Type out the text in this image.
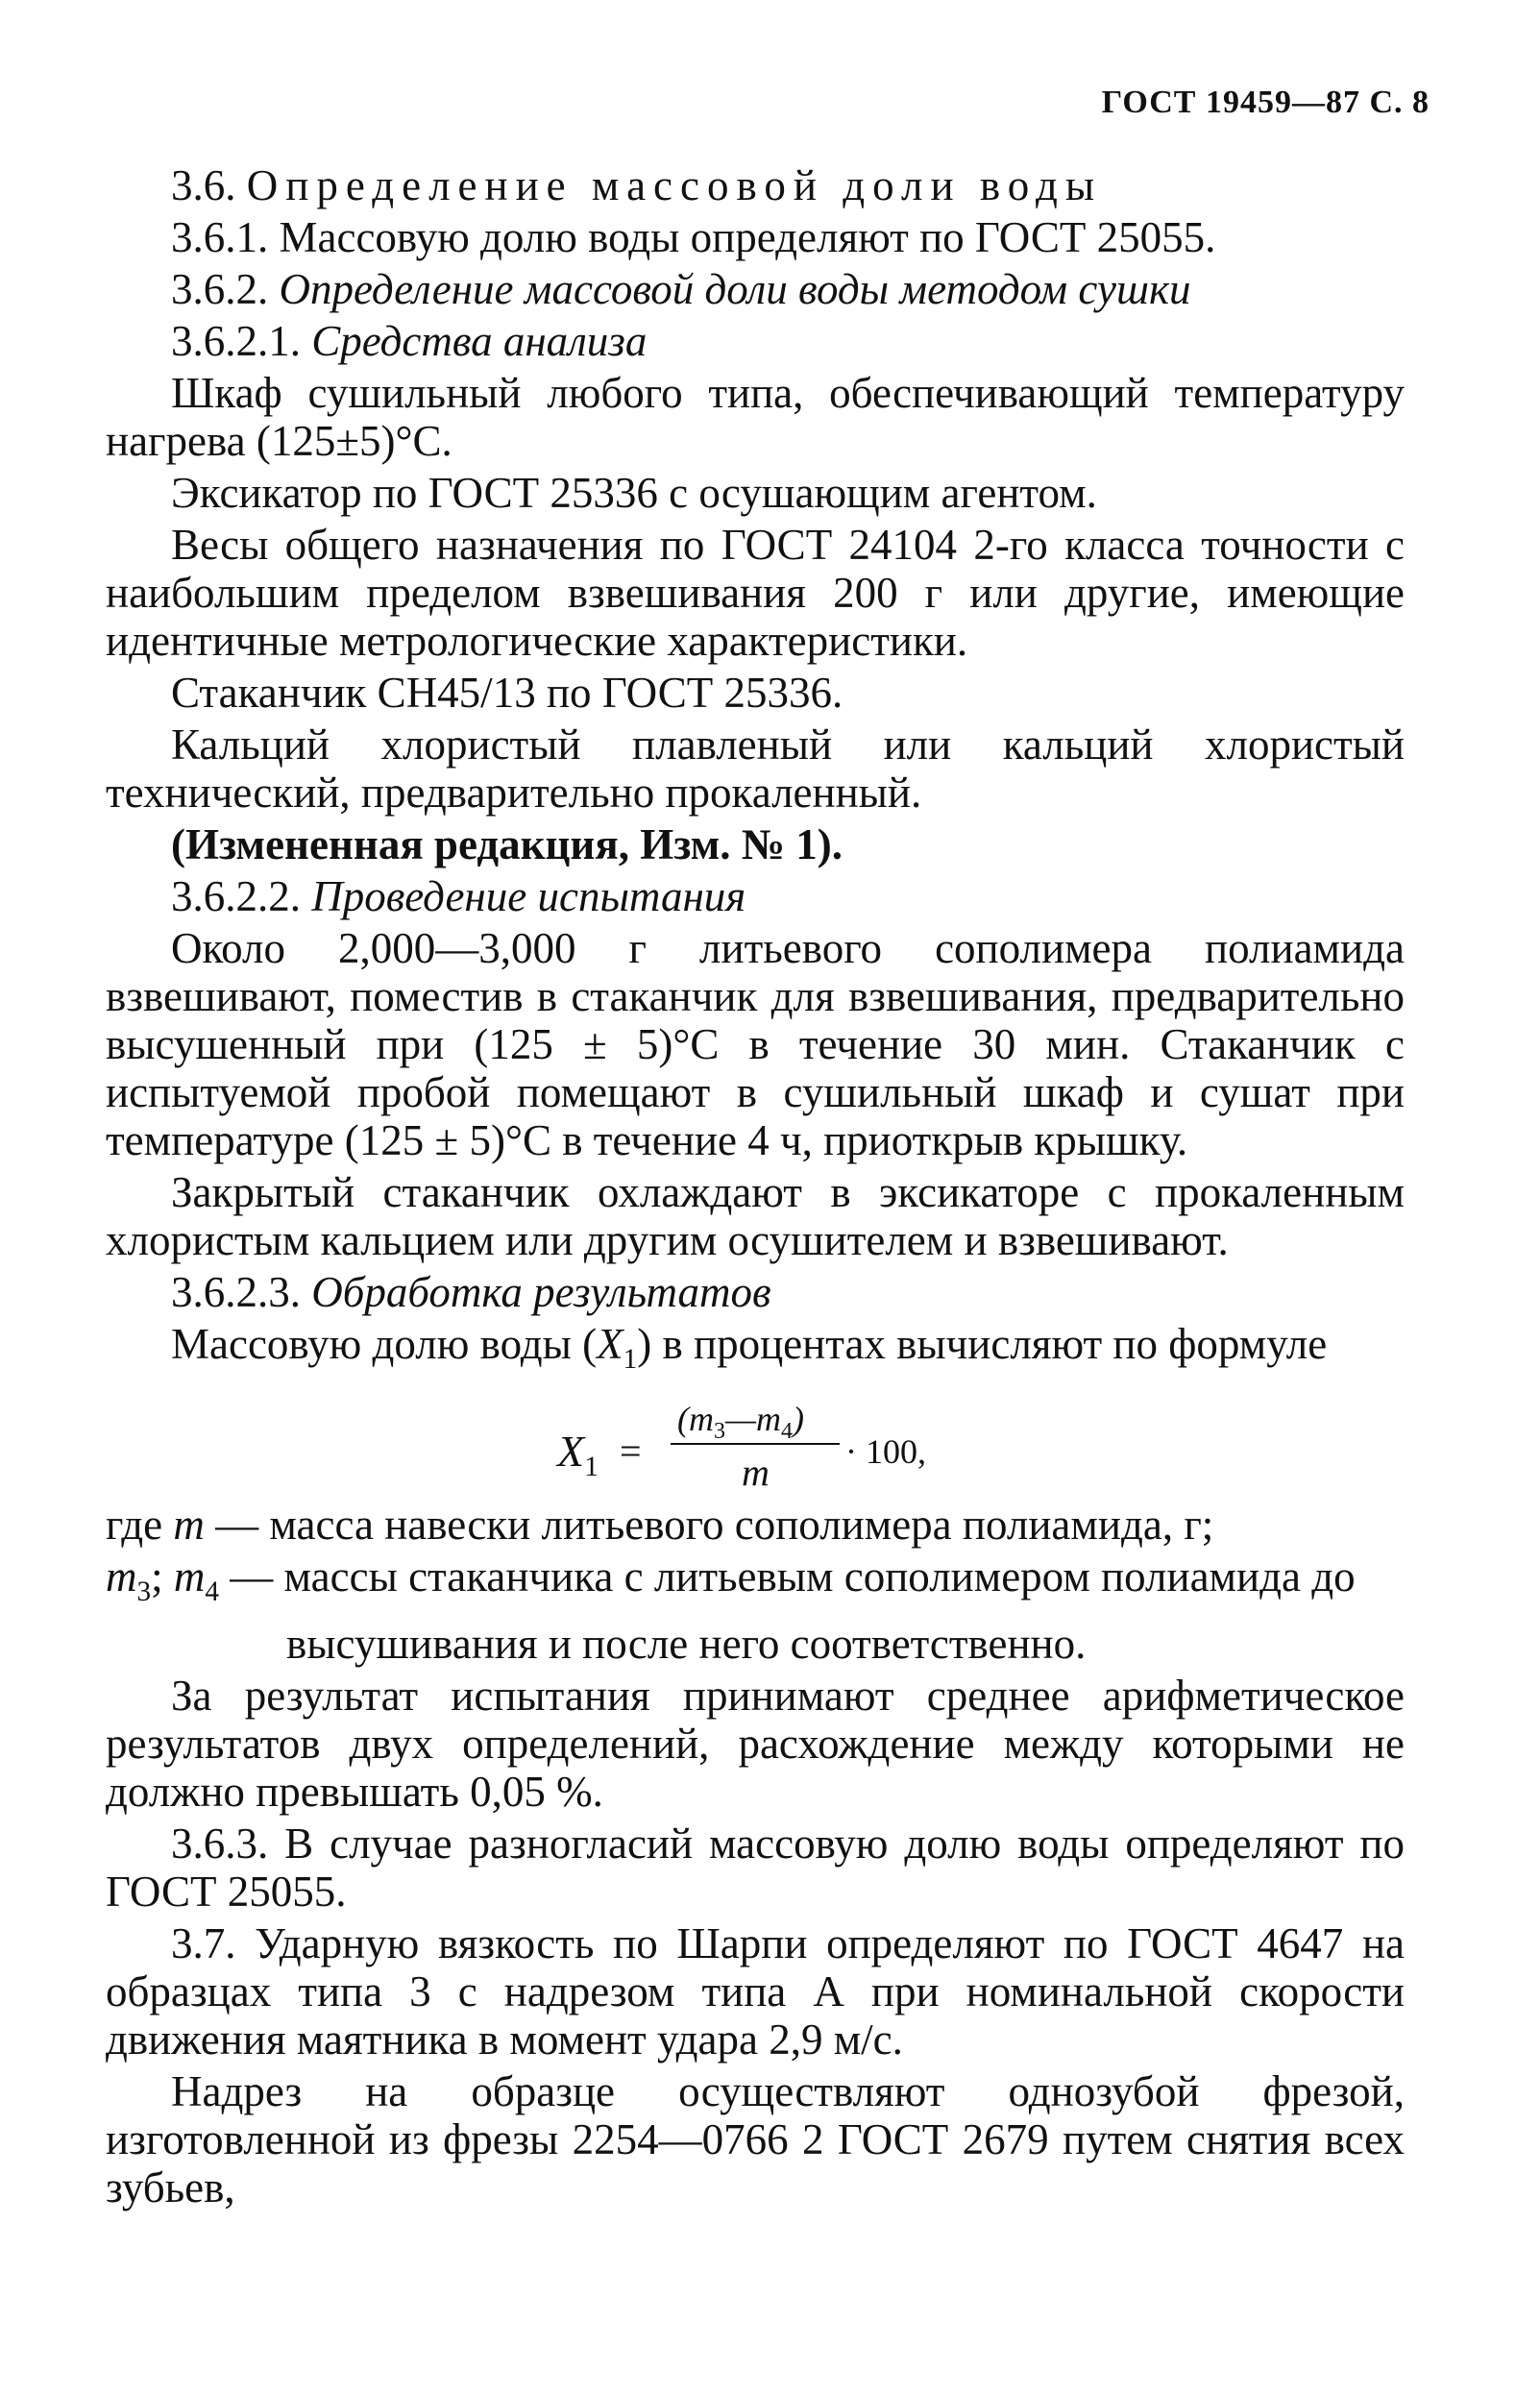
ГОСТ 19459—87 С. 8

3.6. Определение массовой доли воды

3.6.1. Массовую долю воды определяют по ГОСТ 25055.

3.6.2. Определение массовой доли воды методом сушки

3.6.2.1. Средства анализа

Шкаф сушильный любого типа, обеспечивающий температуру нагрева (125±5)°С.

Эксикатор по ГОСТ 25336 с осушающим агентом.

Весы общего назначения по ГОСТ 24104 2-го класса точности с наибольшим пределом взвешивания 200 г или другие, имеющие идентичные метрологические характеристики.

Стаканчик СН45/13 по ГОСТ 25336.

Кальций хлористый плавленый или кальций хлористый технический, предварительно прокаленный.

(Измененная редакция, Изм. № 1).

3.6.2.2. Проведение испытания

Около 2,000—3,000 г литьевого сополимера полиамида взвешивают, поместив в стаканчик для взвешивания, предварительно высушенный при (125 ± 5)°С в течение 30 мин. Стаканчик с испытуемой пробой помещают в сушильный шкаф и сушат при температуре (125 ± 5)°С в течение 4 ч, приоткрыв крышку.

Закрытый стаканчик охлаждают в эксикаторе с прокаленным хлористым кальцием или другим осушителем и взвешивают.

3.6.2.3. Обработка результатов

Массовую долю воды $(X_1)$ в процентах вычисляют по формуле

$X_1$ =
$(m_3—m_4)$
m · 100,

где m — масса навески литьевого сополимера полиамида, г;

$m_3$; $m_4$ — массы стаканчика с литьевым сополимером полиамида до

высушивания и после него соответственно.

За результат испытания принимают среднее арифметическое результатов двух определений, расхождение между которыми не должно превышать 0,05 %.

3.6.3. В случае разногласий массовую долю воды определяют по ГОСТ 25055.

3.7. Ударную вязкость по Шарпи определяют по ГОСТ 4647 на образцах типа 3 с надрезом типа А при номинальной скорости движения маятника в момент удара 2,9 м/с.

Надрез на образце осуществляют однозубой фрезой, изготовленной из фрезы 2254—0766 2 ГОСТ 2679 путем снятия всех зубьев,
